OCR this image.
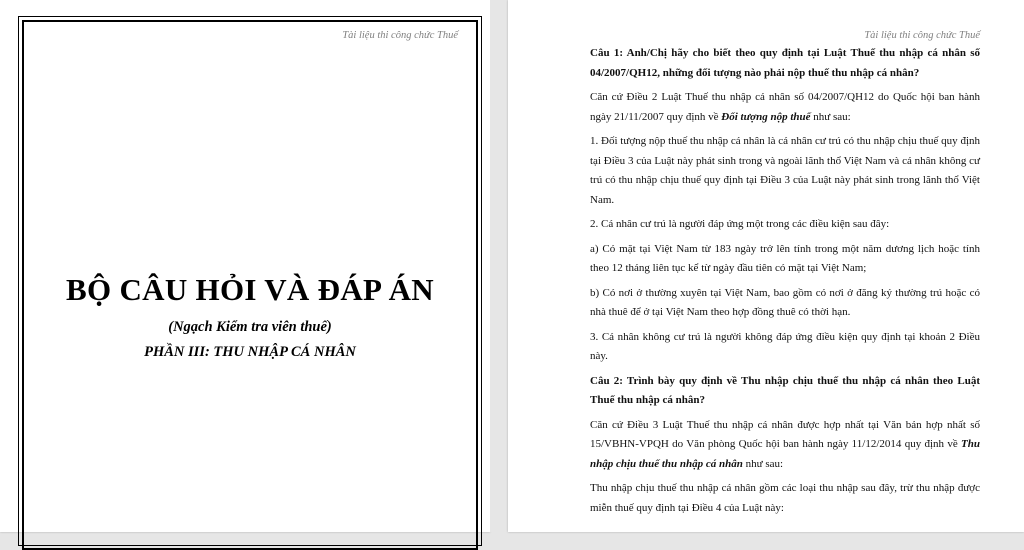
Tài liệu thi công chức Thuế
BỘ CÂU HỎI VÀ ĐÁP ÁN
(Ngạch Kiểm tra viên thuế)
PHẦN III: THU NHẬP CÁ NHÂN
Tài liệu thi công chức Thuế

Câu 1: Anh/Chị hãy cho biết theo quy định tại Luật Thuế thu nhập cá nhân số 04/2007/QH12, những đối tượng nào phải nộp thuế thu nhập cá nhân?

Căn cứ Điều 2 Luật Thuế thu nhập cá nhân số 04/2007/QH12 do Quốc hội ban hành ngày 21/11/2007 quy định về Đối tượng nộp thuế như sau:

1. Đối tượng nộp thuế thu nhập cá nhân là cá nhân cư trú có thu nhập chịu thuế quy định tại Điều 3 của Luật này phát sinh trong và ngoài lãnh thổ Việt Nam và cá nhân không cư trú có thu nhập chịu thuế quy định tại Điều 3 của Luật này phát sinh trong lãnh thổ Việt Nam.

2. Cá nhân cư trú là người đáp ứng một trong các điều kiện sau đây:

a) Có mặt tại Việt Nam từ 183 ngày trở lên tính trong một năm dương lịch hoặc tính theo 12 tháng liên tục kể từ ngày đầu tiên có mặt tại Việt Nam;

b) Có nơi ở thường xuyên tại Việt Nam, bao gồm có nơi ở đăng ký thường trú hoặc có nhà thuê để ở tại Việt Nam theo hợp đồng thuê có thời hạn.

3. Cá nhân không cư trú là người không đáp ứng điều kiện quy định tại khoản 2 Điều này.

Câu 2: Trình bày quy định về Thu nhập chịu thuế thu nhập cá nhân theo Luật Thuế thu nhập cá nhân?

Căn cứ Điều 3 Luật Thuế thu nhập cá nhân được hợp nhất tại Văn bản hợp nhất số 15/VBHN-VPQH do Văn phòng Quốc hội ban hành ngày 11/12/2014 quy định về Thu nhập chịu thuế thu nhập cá nhân như sau:

Thu nhập chịu thuế thu nhập cá nhân gồm các loại thu nhập sau đây, trừ thu nhập được miễn thuế quy định tại Điều 4 của Luật này:
